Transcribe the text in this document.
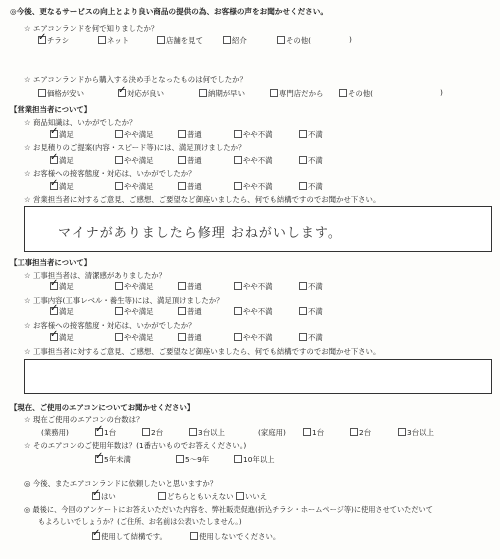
◎今後、更なるサービスの向上とより良い商品の提供の為、お客様の声をお聞かせください。
☆ エアコンランドを何で知りましたか？
✓チラシ	ネット	店舗を見て	紹介	その他(	)
☆ エアコンランドから購入する決め手となったものは何でしたか？
価格が安い ✓	対応が良い	納期が早い	専門店だから	その他(	)
【営業担当者について】
☆ 商品知識は、いかがでしたか？
✓満足	やや満足	普通	やや不満	不満
☆ お見積りのご提案(内容・スピード等)には、満足頂けましたか？
✓満足	やや満足	普通	やや不満	不満
☆ お客様への接客態度・対応は、いかがでしたか？
✓満足	やや満足	普通	やや不満	不満
☆ 営業担当者に対するご意見、ご感想、ご要望など御座いましたら、何でも結構ですのでお聞かせ下さい。
マイナがありましたら修理 おねがいします。
【工事担当者について】
☆ 工事担当者は、清潔感がありましたか？
✓満足	やや満足	普通	やや不満	不満
☆ 工事内容(工事レベル・養生等)には、満足頂けましたか？
✓満足	やや満足	普通	やや不満	不満
☆ お客様への接客態度・対応は、いかがでしたか？
✓満足	やや満足	普通	やや不満	不満
☆ 工事担当者に対するご意見、ご感想、ご要望など御座いましたら、何でも結構ですのでお聞かせ下さい。
【現在、ご使用のエアコンについてお聞かせください】
☆ 現在ご使用のエアコンの台数は？
(業務用) ✓	1台	2台	3台以上	(家庭用)	1台	2台	3台以上
☆ そのエアコンのご使用年数は？(1番古いものでお答えください。)
✓5年未満	5～9年	10年以上
◎ 今後、またエアコンランドに依頼したいと思いますか？
✓はい	どちらともいえない	いいえ
◎ 最後に、今回のアンケートにお答えいただいた内容を、弊社販売促進(折込チラシ・ホームページ等)に使用させていただいて
もよろしいでしょうか？(ご住所、お名前は公表いたしません。)
✓使用して結構です。	使用しないでください。
